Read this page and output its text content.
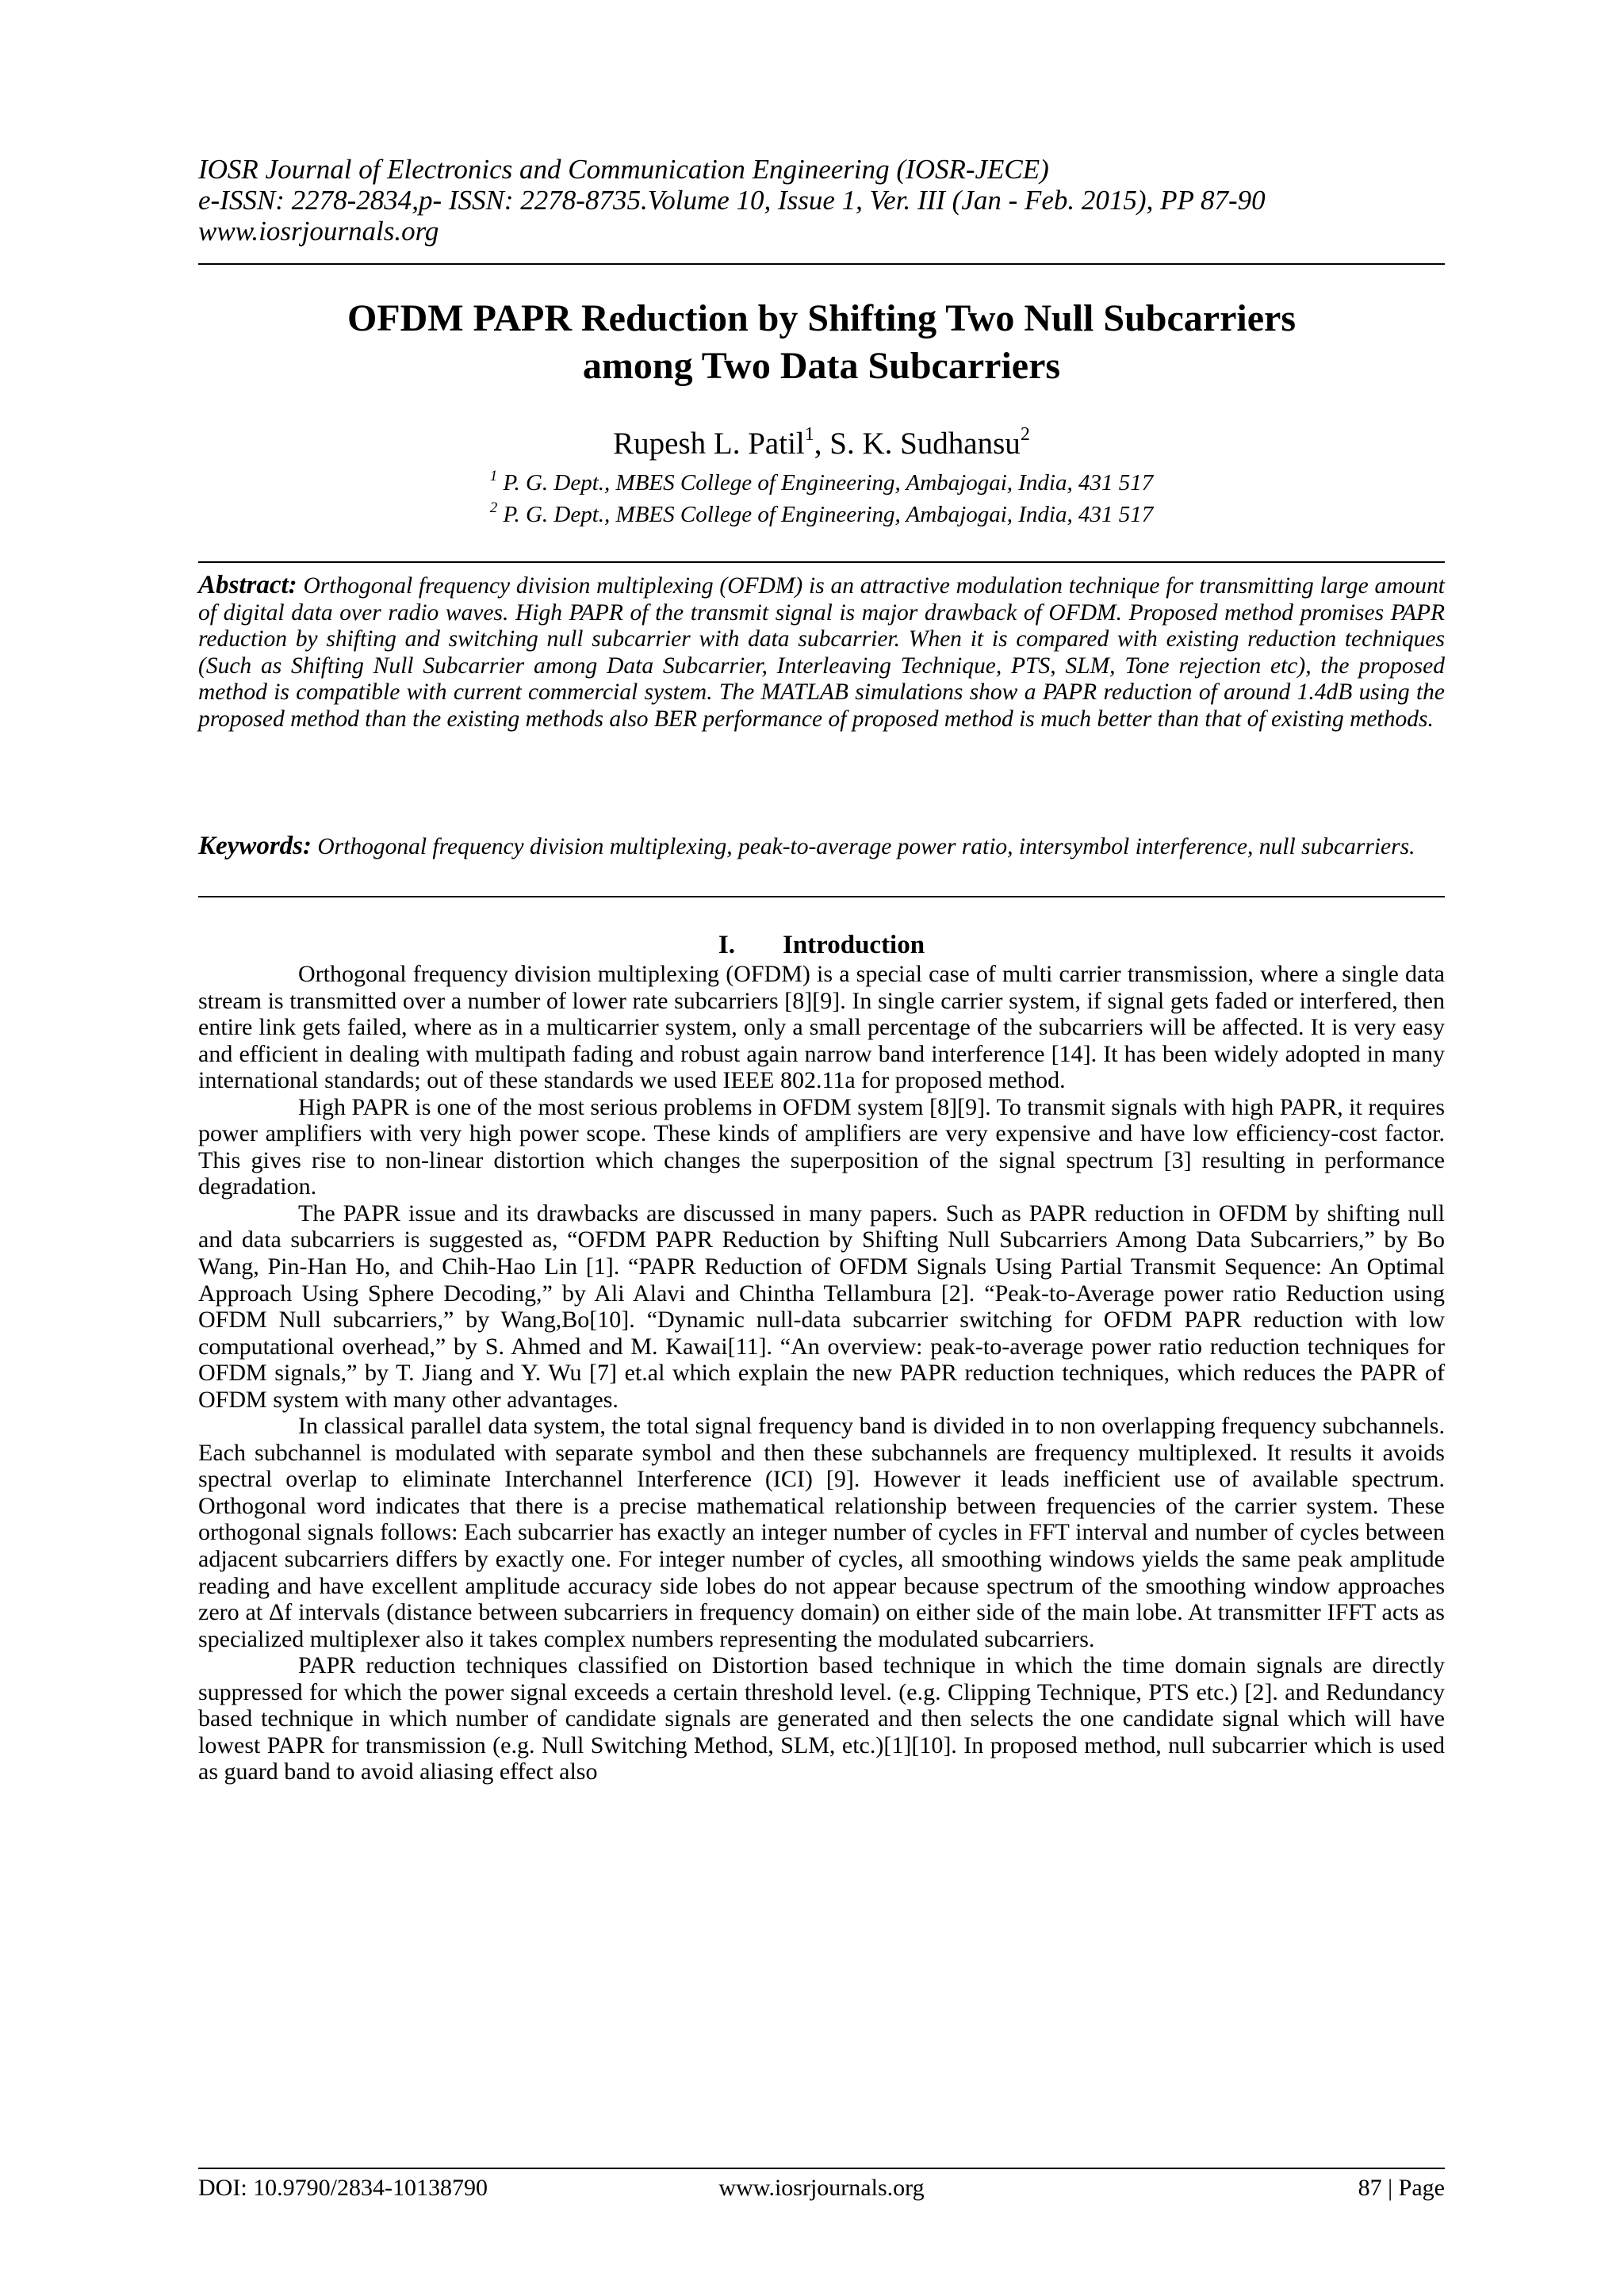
IOSR Journal of Electronics and Communication Engineering (IOSR-JECE)
e-ISSN: 2278-2834,p- ISSN: 2278-8735.Volume 10, Issue 1, Ver. III (Jan - Feb. 2015), PP 87-90
www.iosrjournals.org
OFDM PAPR Reduction by Shifting Two Null Subcarriers
among Two Data Subcarriers
Rupesh L. Patil$^1$, S. K. Sudhansu$^2$
$^1$ P. G. Dept., MBES College of Engineering, Ambajogai, India, 431 517
$^2$ P. G. Dept., MBES College of Engineering, Ambajogai, India, 431 517
Abstract: Orthogonal frequency division multiplexing (OFDM) is an attractive modulation technique for transmitting large amount of digital data over radio waves. High PAPR of the transmit signal is major drawback of OFDM. Proposed method promises PAPR reduction by shifting and switching null subcarrier with data subcarrier. When it is compared with existing reduction techniques (Such as Shifting Null Subcarrier among Data Subcarrier, Interleaving Technique, PTS, SLM, Tone rejection etc), the proposed method is compatible with current commercial system. The MATLAB simulations show a PAPR reduction of around 1.4dB using the proposed method than the existing methods also BER performance of proposed method is much better than that of existing methods.
Keywords: Orthogonal frequency division multiplexing, peak-to-average power ratio, intersymbol interference, null subcarriers.
I. Introduction

Orthogonal frequency division multiplexing (OFDM) is a special case of multi carrier transmission, where a single data stream is transmitted over a number of lower rate subcarriers [8][9]. In single carrier system, if signal gets faded or interfered, then entire link gets failed, where as in a multicarrier system, only a small percentage of the subcarriers will be affected. It is very easy and efficient in dealing with multipath fading and robust again narrow band interference [14]. It has been widely adopted in many international standards; out of these standards we used IEEE 802.11a for proposed method.

High PAPR is one of the most serious problems in OFDM system [8][9]. To transmit signals with high PAPR, it requires power amplifiers with very high power scope. These kinds of amplifiers are very expensive and have low efficiency-cost factor. This gives rise to non-linear distortion which changes the superposition of the signal spectrum [3] resulting in performance degradation.

The PAPR issue and its drawbacks are discussed in many papers. Such as PAPR reduction in OFDM by shifting null and data subcarriers is suggested as, “OFDM PAPR Reduction by Shifting Null Subcarriers Among Data Subcarriers,” by Bo Wang, Pin-Han Ho, and Chih-Hao Lin [1]. “PAPR Reduction of OFDM Signals Using Partial Transmit Sequence: An Optimal Approach Using Sphere Decoding,” by Ali Alavi and Chintha Tellambura [2]. “Peak-to-Average power ratio Reduction using OFDM Null subcarriers,” by Wang,Bo[10]. “Dynamic null-data subcarrier switching for OFDM PAPR reduction with low computational overhead,” by S. Ahmed and M. Kawai[11]. “An overview: peak-to-average power ratio reduction techniques for OFDM signals,” by T. Jiang and Y. Wu [7] et.al which explain the new PAPR reduction techniques, which reduces the PAPR of OFDM system with many other advantages.

In classical parallel data system, the total signal frequency band is divided in to non overlapping frequency subchannels. Each subchannel is modulated with separate symbol and then these subchannels are frequency multiplexed. It results it avoids spectral overlap to eliminate Interchannel Interference (ICI) [9]. However it leads inefficient use of available spectrum. Orthogonal word indicates that there is a precise mathematical relationship between frequencies of the carrier system. These orthogonal signals follows: Each subcarrier has exactly an integer number of cycles in FFT interval and number of cycles between adjacent subcarriers differs by exactly one. For integer number of cycles, all smoothing windows yields the same peak amplitude reading and have excellent amplitude accuracy side lobes do not appear because spectrum of the smoothing window approaches zero at Δf intervals (distance between subcarriers in frequency domain) on either side of the main lobe. At transmitter IFFT acts as specialized multiplexer also it takes complex numbers representing the modulated subcarriers.

PAPR reduction techniques classified on Distortion based technique in which the time domain signals are directly suppressed for which the power signal exceeds a certain threshold level. (e.g. Clipping Technique, PTS etc.) [2]. and Redundancy based technique in which number of candidate signals are generated and then selects the one candidate signal which will have lowest PAPR for transmission (e.g. Null Switching Method, SLM, etc.)[1][10]. In proposed method, null subcarrier which is used as guard band to avoid aliasing effect also

DOI: 10.9790/2834-10138790	www.iosrjournals.org	87 | Page
